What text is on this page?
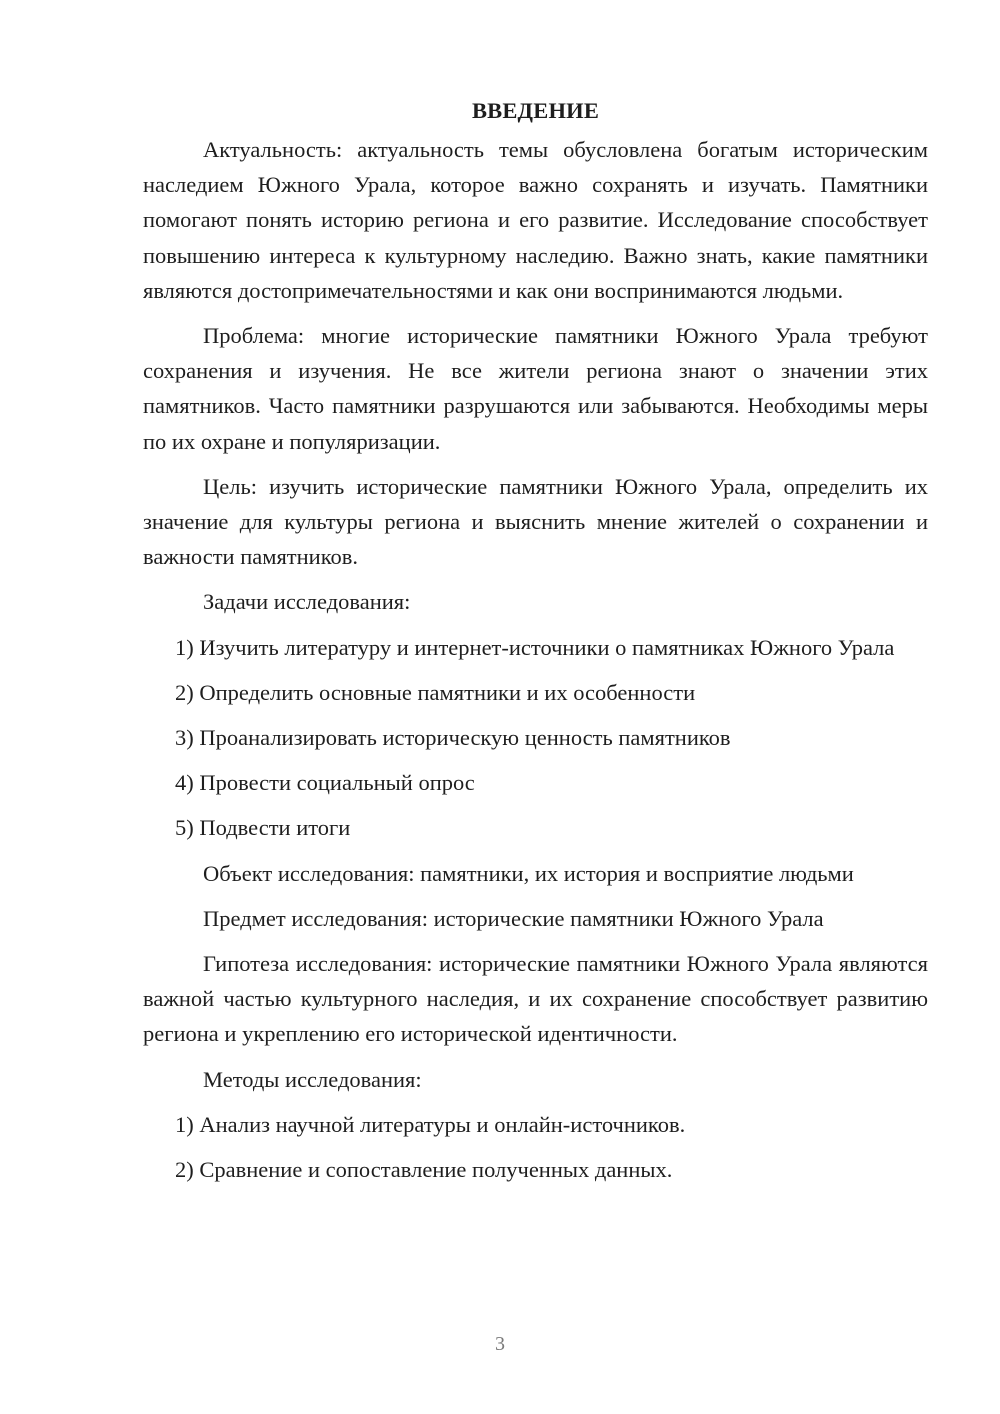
ВВЕДЕНИЕ

Актуальность: актуальность темы обусловлена богатым историческим наследием Южного Урала, которое важно сохранять и изучать. Памятники помогают понять историю региона и его развитие. Исследование способствует повышению интереса к культурному наследию. Важно знать, какие памятники являются достопримечательностями и как они воспринимаются людьми.

Проблема: многие исторические памятники Южного Урала требуют сохранения и изучения. Не все жители региона знают о значении этих памятников. Часто памятники разрушаются или забываются. Необходимы меры по их охране и популяризации.

Цель: изучить исторические памятники Южного Урала, определить их значение для культуры региона и выяснить мнение жителей о сохранении и важности памятников.

Задачи исследования:

1) Изучить литературу и интернет-источники о памятниках Южного Урала

2) Определить основные памятники и их особенности

3) Проанализировать историческую ценность памятников

4) Провести социальный опрос

5) Подвести итоги

Объект исследования: памятники, их история и восприятие людьми

Предмет исследования: исторические памятники Южного Урала

Гипотеза исследования: исторические памятники Южного Урала являются важной частью культурного наследия, и их сохранение способствует развитию региона и укреплению его исторической идентичности.

Методы исследования:

1) Анализ научной литературы и онлайн-источников.

2) Сравнение и сопоставление полученных данных.

3
